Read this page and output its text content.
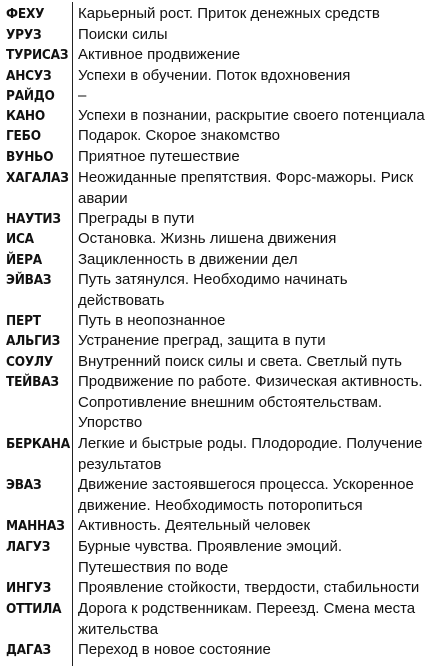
ФЕХУ	Карьерный рост. Приток денежных средств
УРУЗ	Поиски силы
ТУРИСАЗ Активное продвижение
АНСУЗ	Успехи в обучении. Поток вдохновения
РАЙДО	–
КАНО	Успехи в познании, раскрытие своего потенциала
ГЕБО	Подарок. Скорое знакомство
ВУНЬО	Приятное путешествие
ХАГАЛАЗ Неожиданные препятствия. Форс-мажоры. Риск
аварии
НАУТИЗ	Преграды в пути
ИСА	Остановка. Жизнь лишена движения
ЙЕРА	Зацикленность в движении дел
ЭЙВАЗ	Путь затянулся. Необходимо начинать
действовать
ПЕРТ	Путь в неопознанное
АЛЬГИЗ	Устранение преград, защита в пути
СОУЛУ	Внутренний поиск силы и света. Светлый путь
ТЕЙВАЗ	Продвижение по работе. Физическая активность.
Сопротивление внешним обстоятельствам.
Упорство
БЕРКАНА Легкие и быстрые роды. Плодородие. Получение
результатов
ЭВАЗ	Движение застоявшегося процесса. Ускоренное
движение. Необходимость поторопиться
МАННАЗ Активность. Деятельный человек
ЛАГУЗ	Бурные чувства. Проявление эмоций.
Путешествия по воде
ИНГУЗ	Проявление стойкости, твердости, стабильности
ОТТИЛА	Дорога к родственникам. Переезд. Смена места
жительства
ДАГАЗ	Переход в новое состояние
